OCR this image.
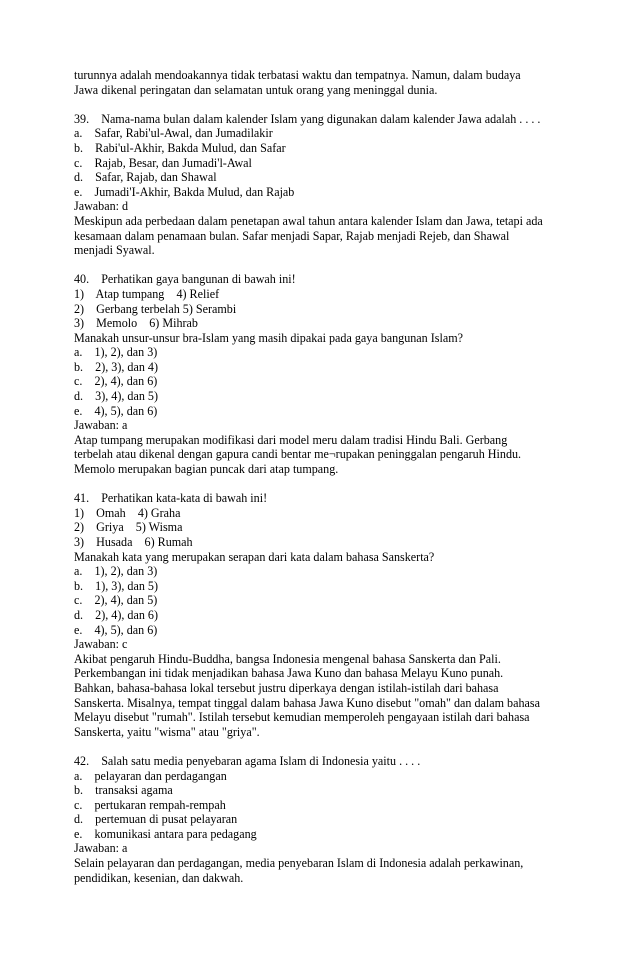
turunnya adalah mendoakannya tidak terbatasi waktu dan tempatnya. Namun, dalam budaya
Jawa dikenal peringatan dan selamatan untuk orang yang meninggal dunia.
39.    Nama-nama bulan dalam kalender Islam yang digunakan dalam kalender Jawa adalah . . . .
a.    Safar, Rabi'ul-Awal, dan Jumadilakir
b.    Rabi'ul-Akhir, Bakda Mulud, dan Safar
c.    Rajab, Besar, dan Jumadi'l-Awal
d.    Safar, Rajab, dan Shawal
e.    Jumadi'I-Akhir, Bakda Mulud, dan Rajab
Jawaban: d
Meskipun ada perbedaan dalam penetapan awal tahun antara kalender Islam dan Jawa, tetapi ada
kesamaan dalam penamaan bulan. Safar menjadi Sapar, Rajab menjadi Rejeb, dan Shawal
menjadi Syawal.
40.    Perhatikan gaya bangunan di bawah ini!
1)    Atap tumpang    4) Relief
2)    Gerbang terbelah 5) Serambi
3)    Memolo    6) Mihrab
Manakah unsur-unsur bra-Islam yang masih dipakai pada gaya bangunan Islam?
a.    1), 2), dan 3)
b.    2), 3), dan 4)
c.    2), 4), dan 6)
d.    3), 4), dan 5)
e.    4), 5), dan 6)
Jawaban: a
Atap tumpang merupakan modifikasi dari model meru dalam tradisi Hindu Bali. Gerbang
terbelah atau dikenal dengan gapura candi bentar me¬rupakan peninggalan pengaruh Hindu.
Memolo merupakan bagian puncak dari atap tumpang.
41.    Perhatikan kata-kata di bawah ini!
1)    Omah    4) Graha
2)    Griya    5) Wisma
3)    Husada    6) Rumah
Manakah kata yang merupakan serapan dari kata dalam bahasa Sanskerta?
a.    1), 2), dan 3)
b.    1), 3), dan 5)
c.    2), 4), dan 5)
d.    2), 4), dan 6)
e.    4), 5), dan 6)
Jawaban: c
Akibat pengaruh Hindu-Buddha, bangsa Indonesia mengenal bahasa Sanskerta dan Pali.
Perkembangan ini tidak menjadikan bahasa Jawa Kuno dan bahasa Melayu Kuno punah.
Bahkan, bahasa-bahasa lokal tersebut justru diperkaya dengan istilah-istilah dari bahasa
Sanskerta. Misalnya, tempat tinggal dalam bahasa Jawa Kuno disebut "omah" dan dalam bahasa
Melayu disebut "rumah". Istilah tersebut kemudian memperoleh pengayaan istilah dari bahasa
Sanskerta, yaitu "wisma" atau "griya".
42.    Salah satu media penyebaran agama Islam di Indonesia yaitu . . . .
a.    pelayaran dan perdagangan
b.    transaksi agama
c.    pertukaran rempah-rempah
d.    pertemuan di pusat pelayaran
e.    komunikasi antara para pedagang
Jawaban: a
Selain pelayaran dan perdagangan, media penyebaran Islam di Indonesia adalah perkawinan,
pendidikan, kesenian, dan dakwah.
